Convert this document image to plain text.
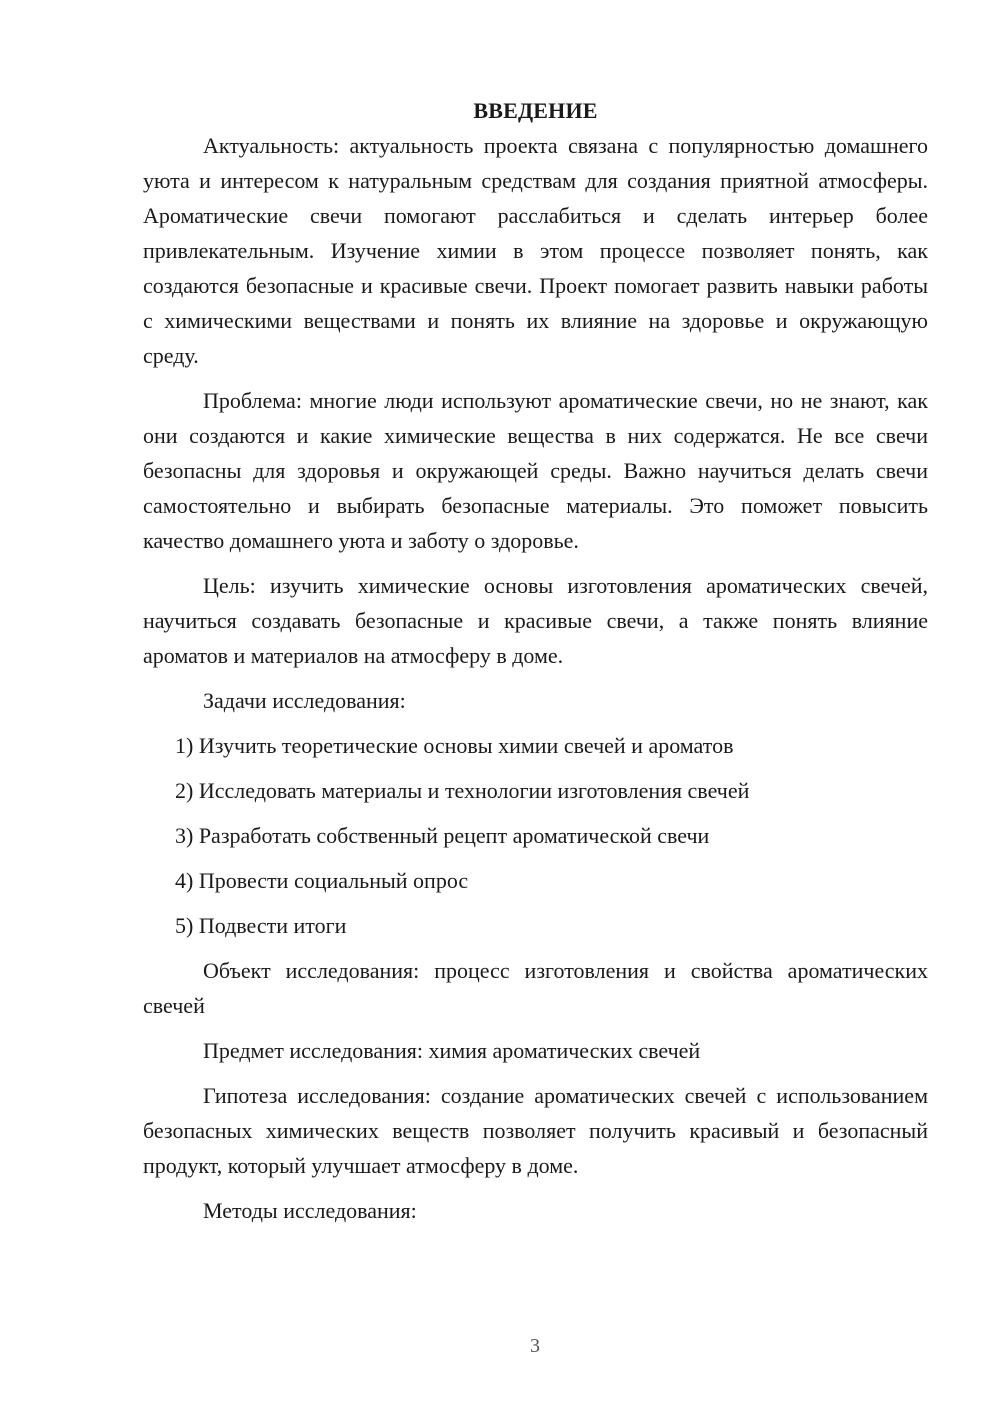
ВВЕДЕНИЕ

Актуальность: актуальность проекта связана с популярностью домашнего уюта и интересом к натуральным средствам для создания приятной атмосферы. Ароматические свечи помогают расслабиться и сделать интерьер более привлекательным. Изучение химии в этом процессе позволяет понять, как создаются безопасные и красивые свечи. Проект помогает развить навыки работы с химическими веществами и понять их влияние на здоровье и окружающую среду.

Проблема: многие люди используют ароматические свечи, но не знают, как они создаются и какие химические вещества в них содержатся. Не все свечи безопасны для здоровья и окружающей среды. Важно научиться делать свечи самостоятельно и выбирать безопасные материалы. Это поможет повысить качество домашнего уюта и заботу о здоровье.

Цель: изучить химические основы изготовления ароматических свечей, научиться создавать безопасные и красивые свечи, а также понять влияние ароматов и материалов на атмосферу в доме.

Задачи исследования:

1) Изучить теоретические основы химии свечей и ароматов
2) Исследовать материалы и технологии изготовления свечей
3) Разработать собственный рецепт ароматической свечи
4) Провести социальный опрос
5) Подвести итоги

Объект исследования: процесс изготовления и свойства ароматических свечей

Предмет исследования: химия ароматических свечей

Гипотеза исследования: создание ароматических свечей с использованием безопасных химических веществ позволяет получить красивый и безопасный продукт, который улучшает атмосферу в доме.

Методы исследования:

3
